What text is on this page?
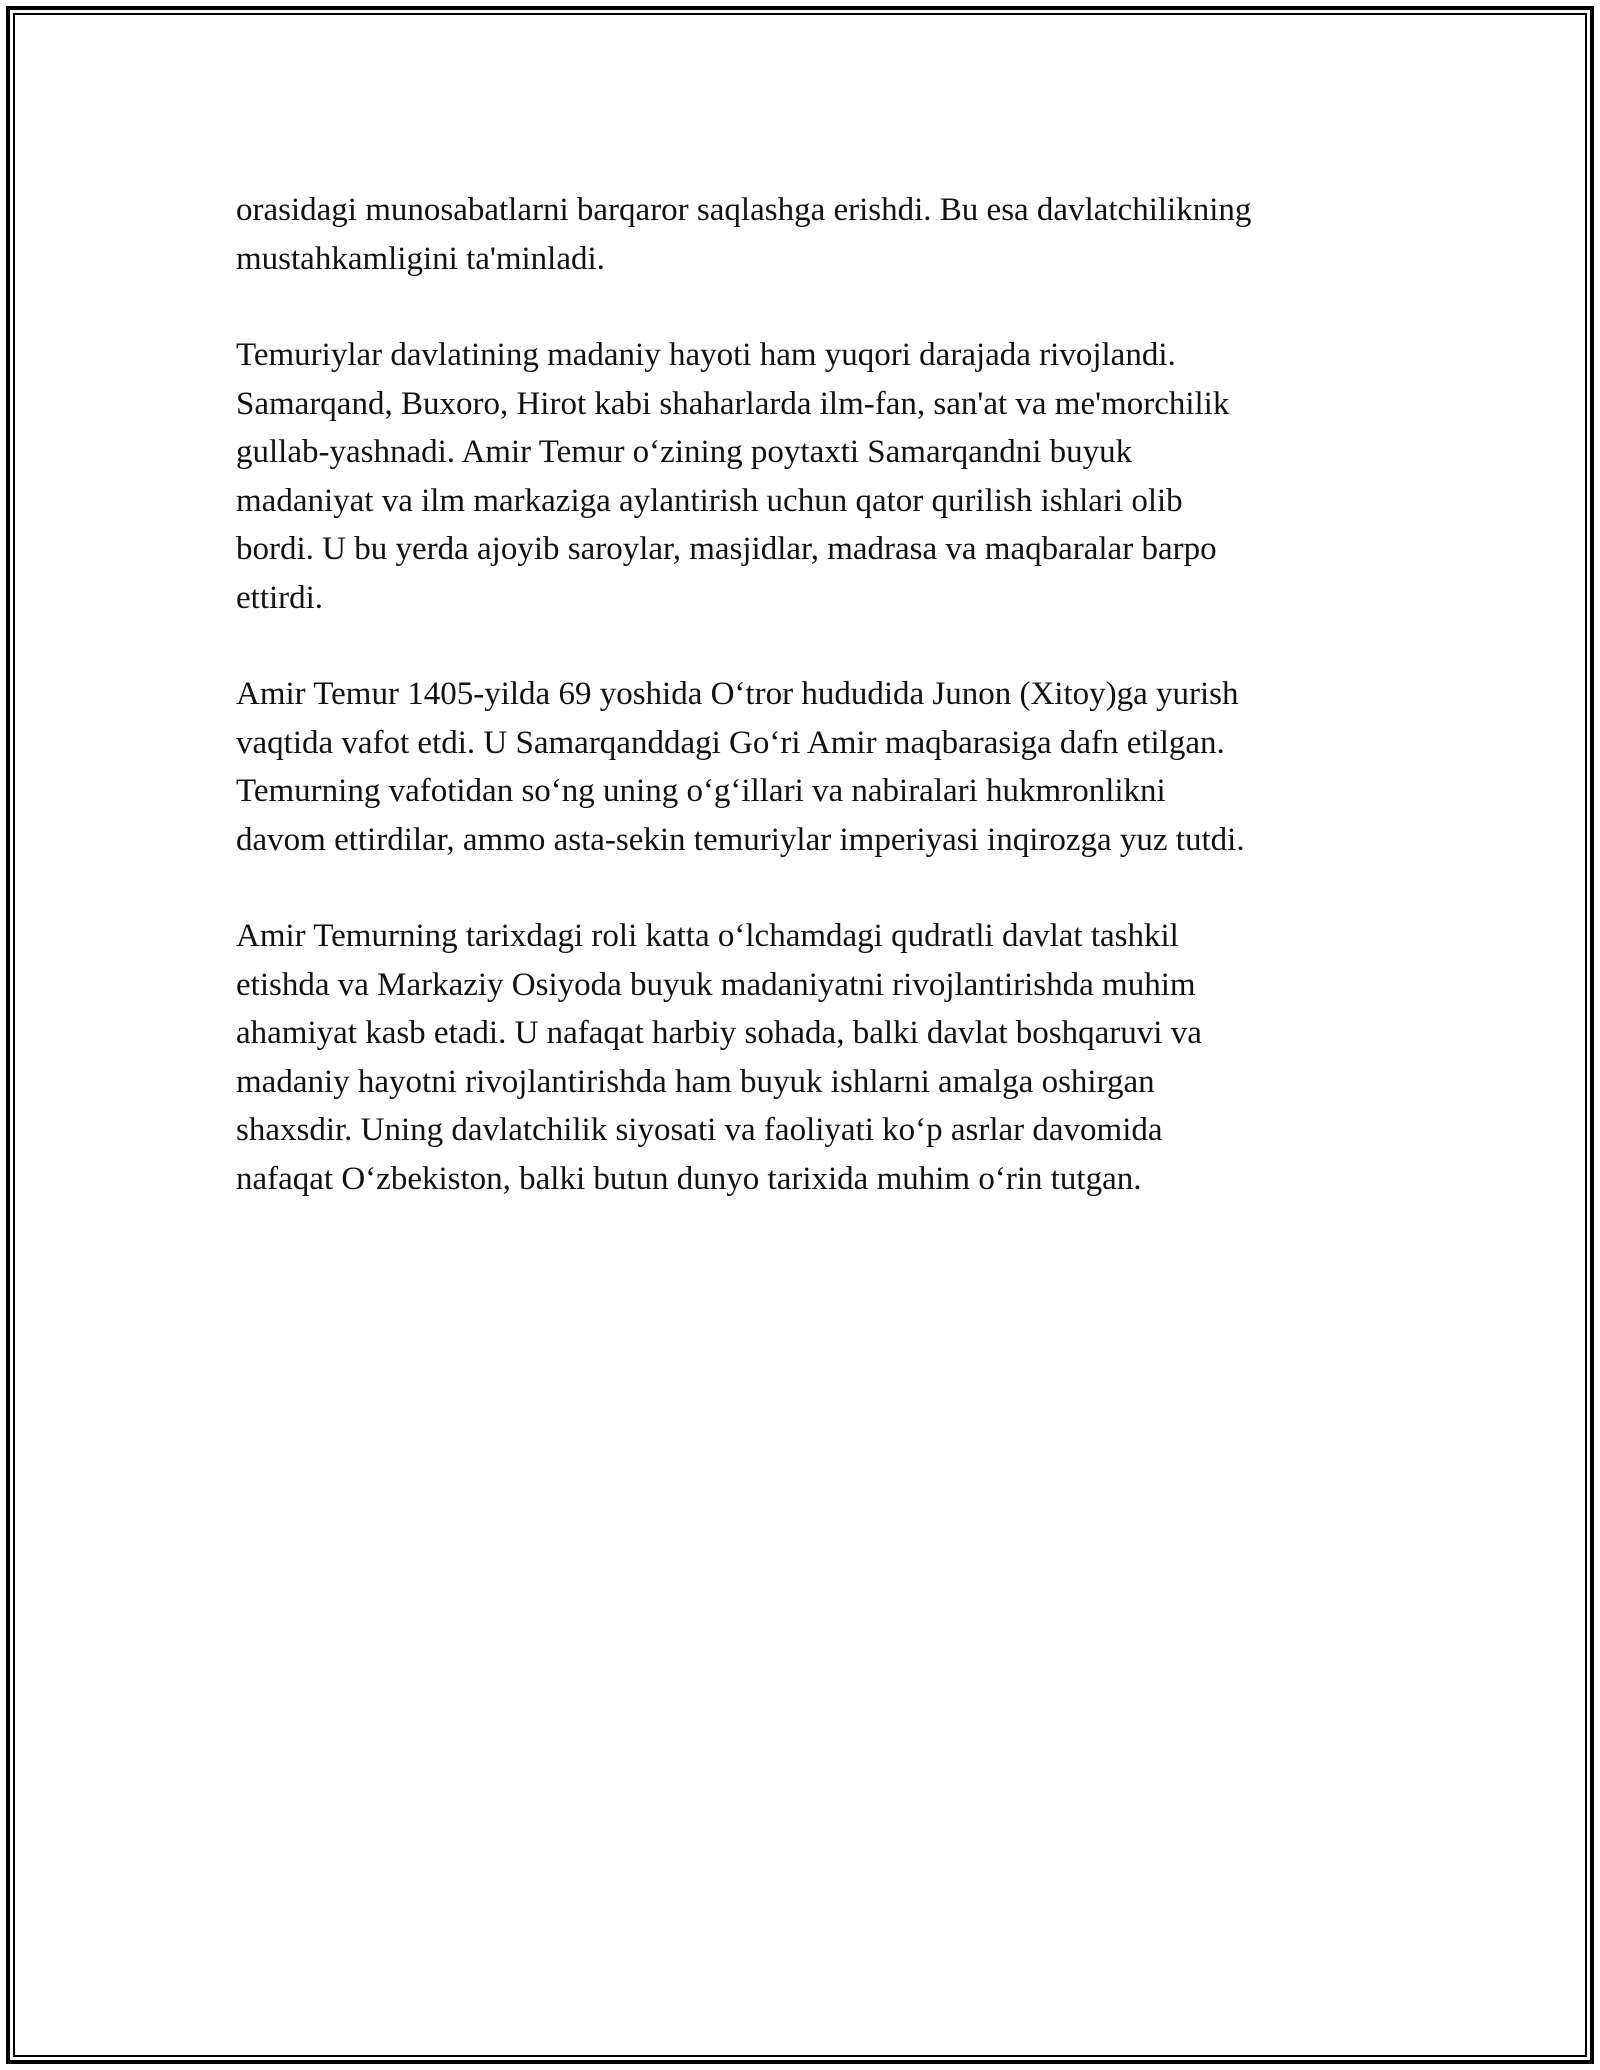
orasidagi munosabatlarni barqaror saqlashga erishdi. Bu esa davlatchilikning
mustahkamligini ta'minladi.

Temuriylar davlatining madaniy hayoti ham yuqori darajada rivojlandi.
Samarqand, Buxoro, Hirot kabi shaharlarda ilm-fan, san'at va me'morchilik
gullab-yashnadi. Amir Temur o‘zining poytaxti Samarqandni buyuk
madaniyat va ilm markaziga aylantirish uchun qator qurilish ishlari olib
bordi. U bu yerda ajoyib saroylar, masjidlar, madrasa va maqbaralar barpo
ettirdi.

Amir Temur 1405-yilda 69 yoshida O‘tror hududida Junon (Xitoy)ga yurish
vaqtida vafot etdi. U Samarqanddagi Go‘ri Amir maqbarasiga dafn etilgan.
Temurning vafotidan so‘ng uning o‘g‘illari va nabiralari hukmronlikni
davom ettirdilar, ammo asta-sekin temuriylar imperiyasi inqirozga yuz tutdi.

Amir Temurning tarixdagi roli katta o‘lchamdagi qudratli davlat tashkil
etishda va Markaziy Osiyoda buyuk madaniyatni rivojlantirishda muhim
ahamiyat kasb etadi. U nafaqat harbiy sohada, balki davlat boshqaruvi va
madaniy hayotni rivojlantirishda ham buyuk ishlarni amalga oshirgan
shaxsdir. Uning davlatchilik siyosati va faoliyati ko‘p asrlar davomida
nafaqat O‘zbekiston, balki butun dunyo tarixida muhim o‘rin tutgan.
